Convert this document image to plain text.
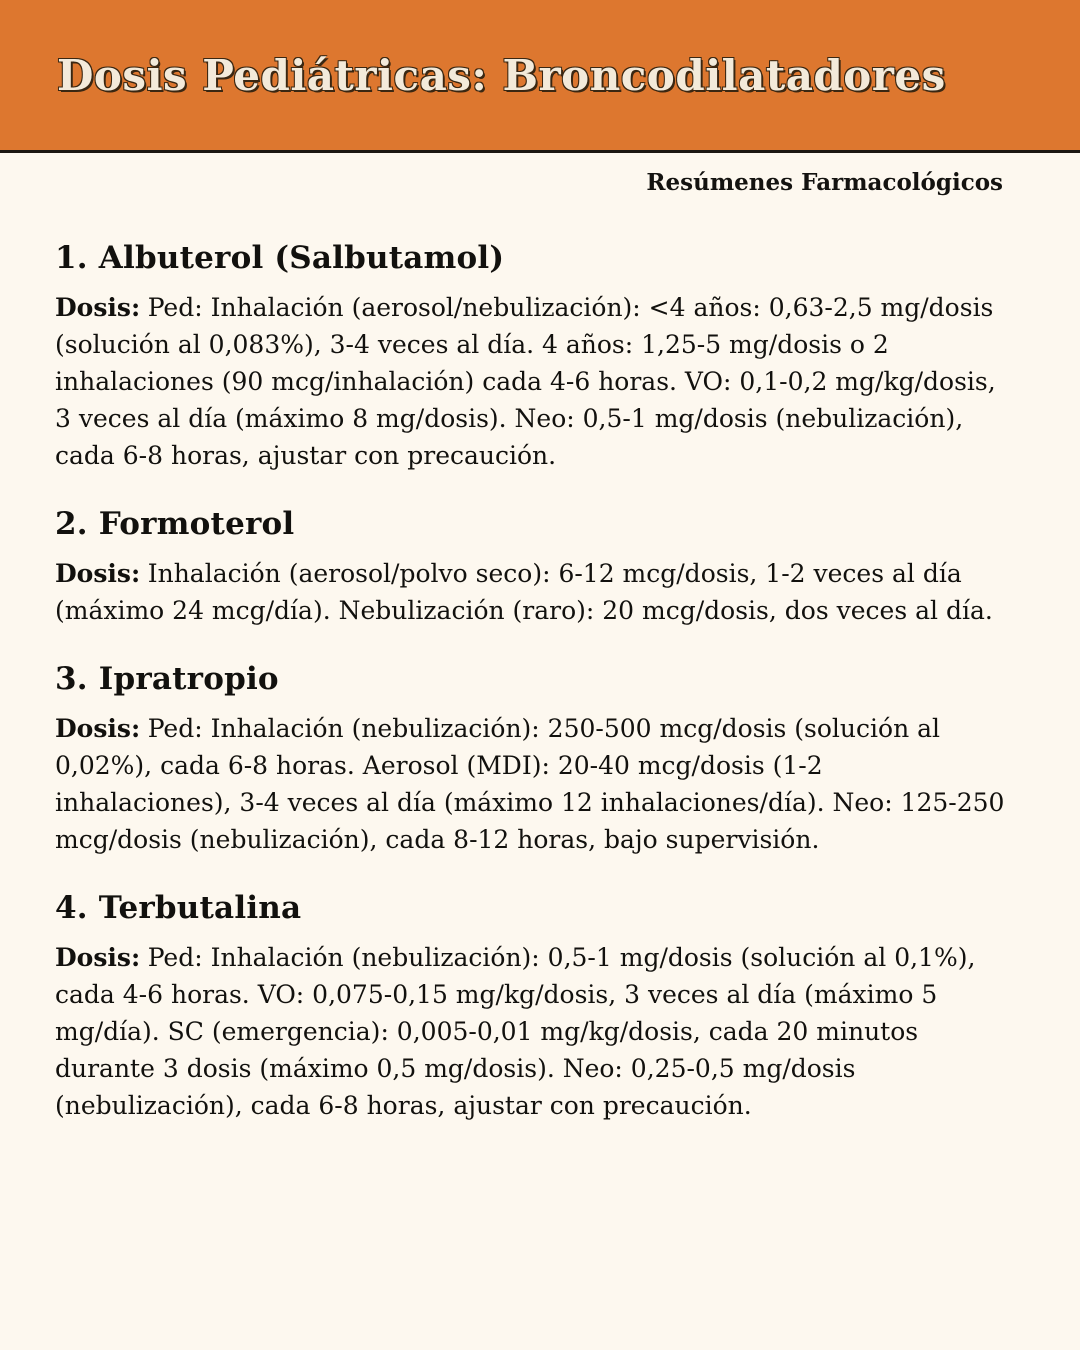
Dosis Pediátricas: Broncodilatadores
Resúmenes Farmacológicos
1. Albuterol (Salbutamol)

Dosis: Ped: Inhalación (aerosol/nebulización): <4 años: 0,63-2,5 mg/dosis (solución al 0,083%), 3-4 veces al día. 4 años: 1,25-5 mg/dosis o 2 inhalaciones (90 mcg/inhalación) cada 4-6 horas. VO: 0,1-0,2 mg/kg/dosis, 3 veces al día (máximo 8 mg/dosis). Neo: 0,5-1 mg/dosis (nebulización), cada 6-8 horas, ajustar con precaución.

2. Formoterol

Dosis: Inhalación (aerosol/polvo seco): 6-12 mcg/dosis, 1-2 veces al día (máximo 24 mcg/día). Nebulización (raro): 20 mcg/dosis, dos veces al día.

3. Ipratropio

Dosis: Ped: Inhalación (nebulización): 250-500 mcg/dosis (solución al 0,02%), cada 6-8 horas. Aerosol (MDI): 20-40 mcg/dosis (1-2 inhalaciones), 3-4 veces al día (máximo 12 inhalaciones/día). Neo: 125-250 mcg/dosis (nebulización), cada 8-12 horas, bajo supervisión.

4. Terbutalina

Dosis: Ped: Inhalación (nebulización): 0,5-1 mg/dosis (solución al 0,1%), cada 4-6 horas. VO: 0,075-0,15 mg/kg/dosis, 3 veces al día (máximo 5 mg/día). SC (emergencia): 0,005-0,01 mg/kg/dosis, cada 20 minutos durante 3 dosis (máximo 0,5 mg/dosis). Neo: 0,25-0,5 mg/dosis (nebulización), cada 6-8 horas, ajustar con precaución.
